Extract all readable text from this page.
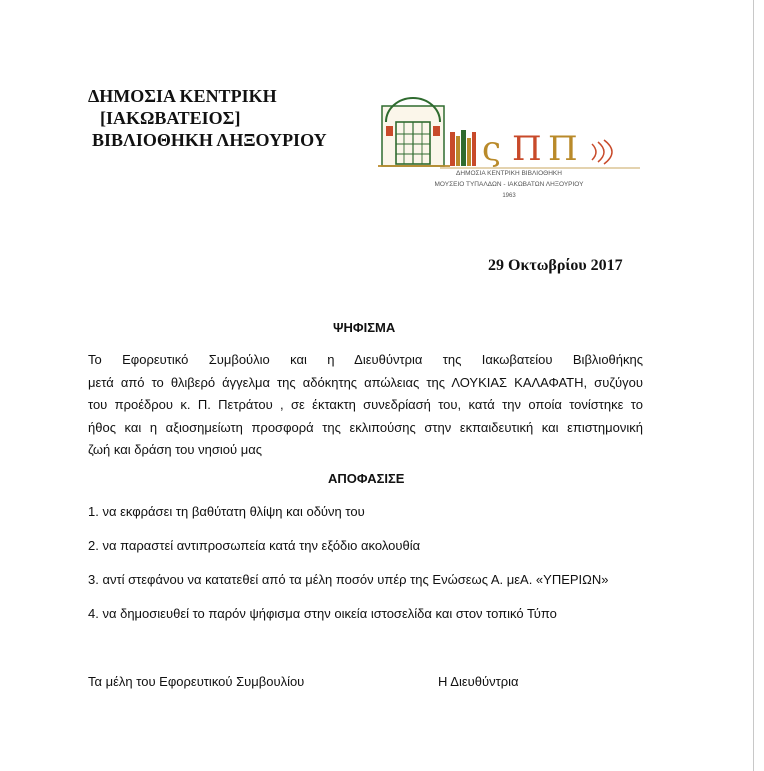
ΔΗΜΟΣΙΑ ΚΕΝΤΡΙΚΗ
[ΙΑΚΩΒΑΤΕΙΟΣ]
ΒΙΒΛΙΟΘΗΚΗ ΛΗΞΟΥΡΙΟΥ	ς Π Π
ΔΗΜΟΣΙΑ ΚΕΝΤΡΙΚΗ ΒΙΒΛΙΟΘΗΚΗ
ΜΟΥΣΕΙΟ ΤΥΠΑΛΔΩΝ - ΙΑΚΩΒΑΤΩΝ ΛΗΞΟΥΡΙΟΥ
1963
29 Οκτωβρίου 2017
ΨΗΦΙΣΜΑ
Το Εφορευτικό Συμβούλιο και η Διευθύντρια της Ιακωβατείου Βιβλιοθήκης
μετά από το θλιβερό άγγελμα της αδόκητης απώλειας της ΛΟΥΚΙΑΣ ΚΑΛΑΦΑΤΗ, συζύγου
του προέδρου κ. Π. Πετράτου , σε έκτακτη συνεδρίασή του, κατά την οποία τονίστηκε το
ήθος και η αξιοσημείωτη προσφορά της εκλιπούσης στην εκπαιδευτική και επιστημονική
ζωή και δράση του νησιού μας
ΑΠΟΦΑΣΙΣΕ
1. να εκφράσει τη βαθύτατη θλίψη και οδύνη του
2. να παραστεί αντιπροσωπεία κατά την εξόδιο ακολουθία
3. αντί στεφάνου να κατατεθεί από τα μέλη ποσόν υπέρ της Ενώσεως Α. μεΑ. «ΥΠΕΡΙΩΝ»
4. να δημοσιευθεί το παρόν ψήφισμα στην οικεία ιστοσελίδα και στον τοπικό Τύπο
Τα μέλη του Εφορευτικού Συμβουλίου	Η Διευθύντρια
